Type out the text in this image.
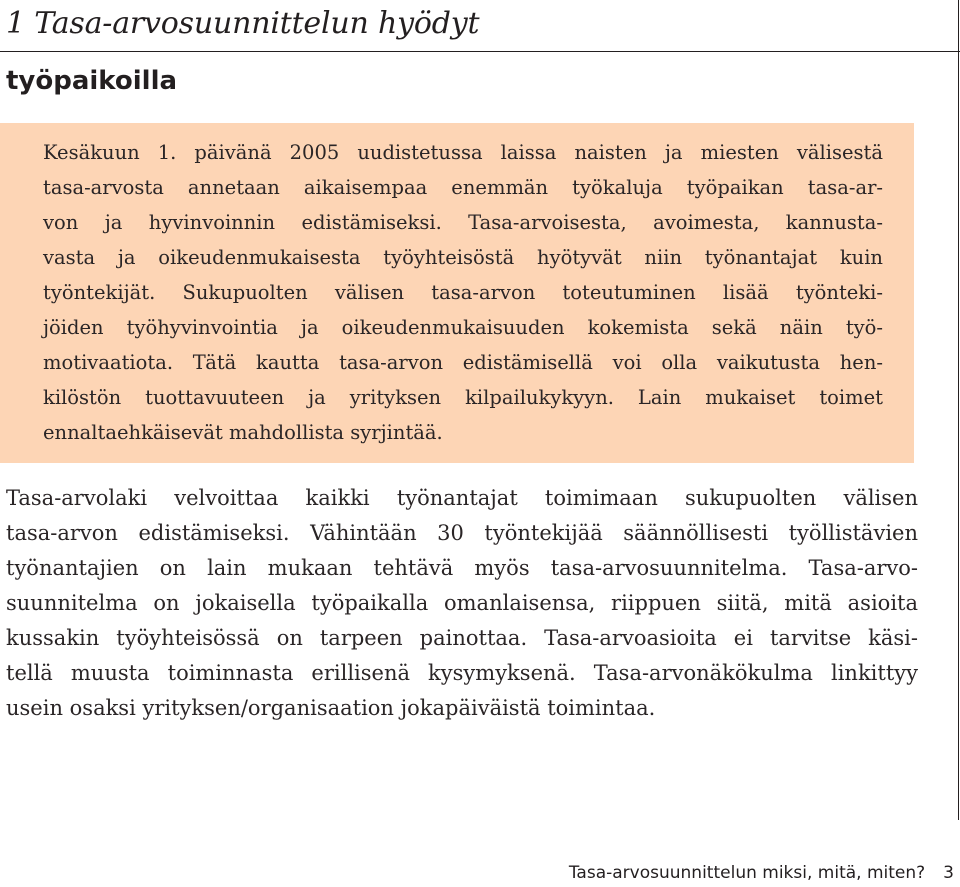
1 Tasa-arvosuunnittelun hyödyt
työpaikoilla

Kesäkuun 1. päivänä 2005 uudistetussa laissa naisten ja miesten välisestä
tasa-arvosta annetaan aikaisempaa enemmän työkaluja työpaikan tasa-ar-
von ja hyvinvoinnin edistämiseksi. Tasa-arvoisesta, avoimesta, kannusta-
vasta ja oikeudenmukaisesta työyhteisöstä hyötyvät niin työnantajat kuin
työntekijät. Sukupuolten välisen tasa-arvon toteutuminen lisää työnteki-
jöiden työhyvinvointia ja oikeudenmukaisuuden kokemista sekä näin työ-
motivaatiota. Tätä kautta tasa-arvon edistämisellä voi olla vaikutusta hen-
kilöstön tuottavuuteen ja yrityksen kilpailukykyyn. Lain mukaiset toimet
ennaltaehkäisevät mahdollista syrjintää.

Tasa-arvolaki velvoittaa kaikki työnantajat toimimaan sukupuolten välisen
tasa-arvon edistämiseksi. Vähintään 30 työntekijää säännöllisesti työllistävien
työnantajien on lain mukaan tehtävä myös tasa-arvosuunnitelma. Tasa-arvo-
suunnitelma on jokaisella työpaikalla omanlaisensa, riippuen siitä, mitä asioita
kussakin työyhteisössä on tarpeen painottaa. Tasa-arvoasioita ei tarvitse käsi-
tellä muusta toiminnasta erillisenä kysymyksenä. Tasa-arvonäkökulma linkittyy
usein osaksi yrityksen/organisaation jokapäiväistä toimintaa.

Tasa-arvosuunnittelun miksi, mitä, miten? 3
